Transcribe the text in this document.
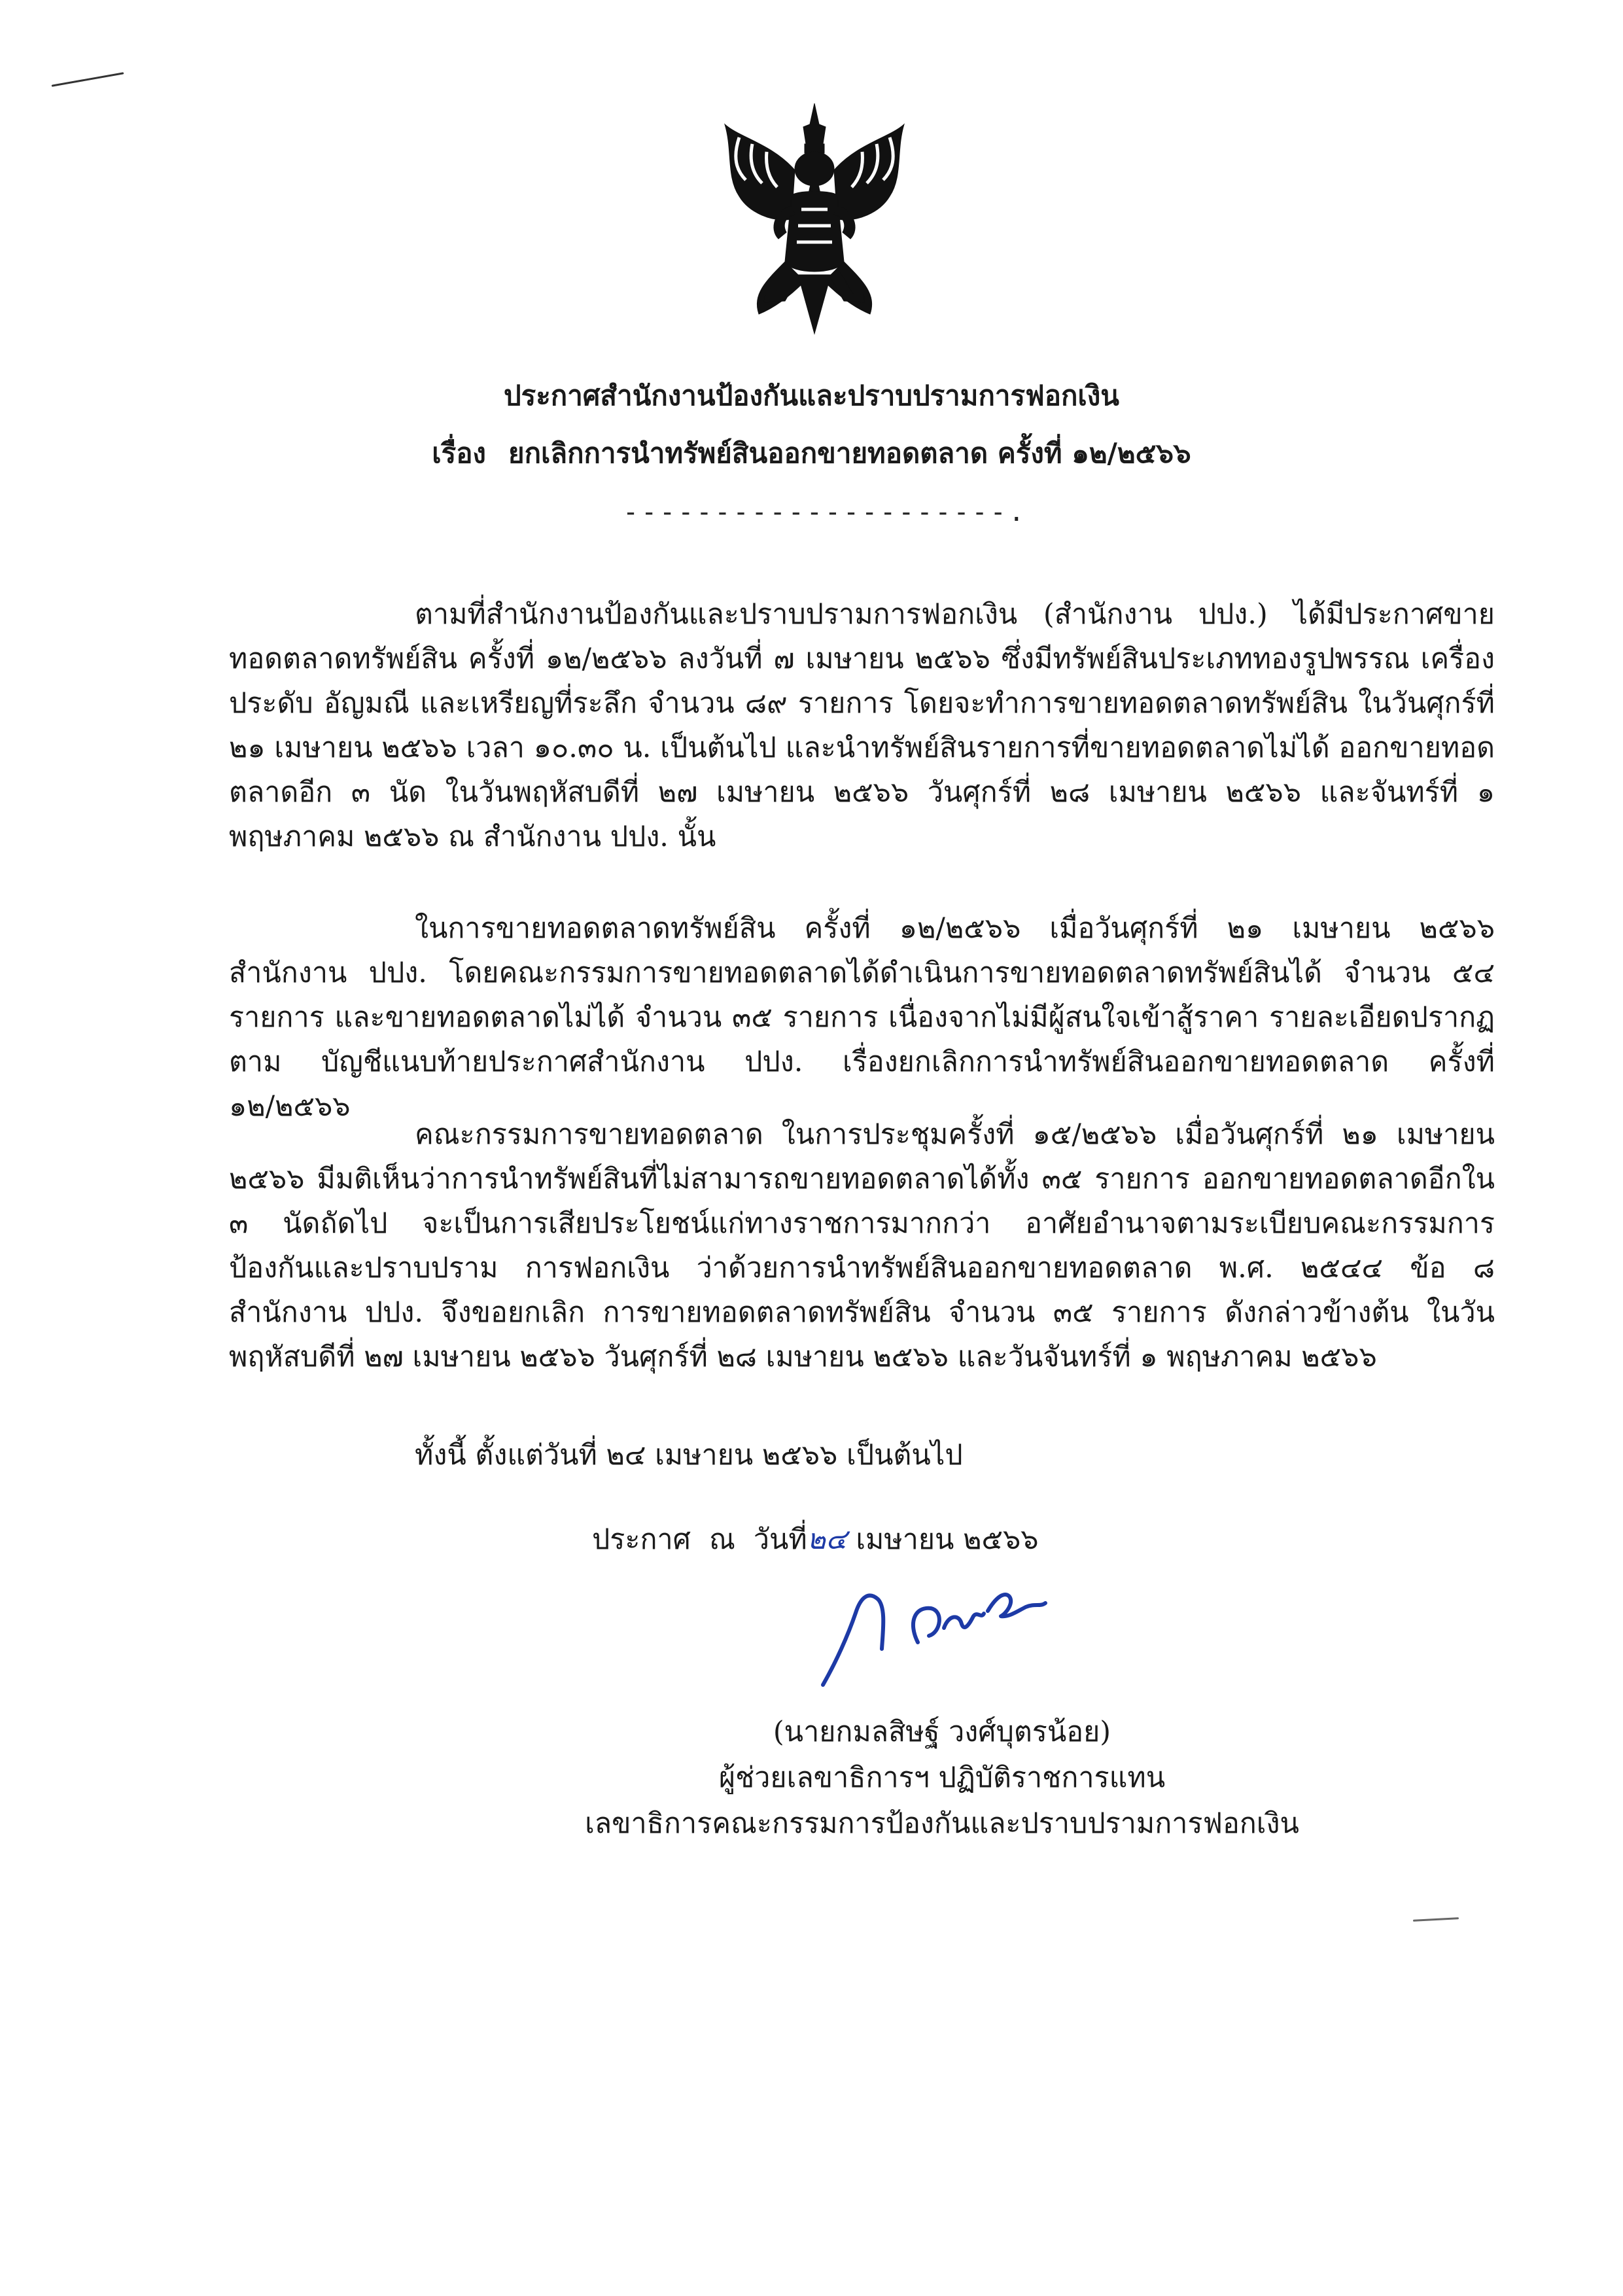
ประกาศสำนักงานป้องกันและปราบปรามการฟอกเงิน
เรื่อง ยกเลิกการนำทรัพย์สินออกขายทอดตลาด ครั้งที่ ๑๒/๒๕๖๖
---------------------.

ตามที่สำนักงานป้องกันและปราบปรามการฟอกเงิน (สำนักงาน ปปง.) ได้มีประกาศขายทอดตลาดทรัพย์สิน ครั้งที่ ๑๒/๒๕๖๖ ลงวันที่ ๗ เมษายน ๒๕๖๖ ซึ่งมีทรัพย์สินประเภททองรูปพรรณ เครื่องประดับ อัญมณี และเหรียญที่ระลึก จำนวน ๘๙ รายการ โดยจะทำการขายทอดตลาดทรัพย์สิน ในวันศุกร์ที่ ๒๑ เมษายน ๒๕๖๖ เวลา ๑๐.๓๐ น. เป็นต้นไป และนำทรัพย์สินรายการที่ขายทอดตลาดไม่ได้ ออกขายทอดตลาดอีก ๓ นัด ในวันพฤหัสบดีที่ ๒๗ เมษายน ๒๕๖๖ วันศุกร์ที่ ๒๘ เมษายน ๒๕๖๖ และจันทร์ที่ ๑ พฤษภาคม ๒๕๖๖ ณ สำนักงาน ปปง. นั้น

ในการขายทอดตลาดทรัพย์สิน ครั้งที่ ๑๒/๒๕๖๖ เมื่อวันศุกร์ที่ ๒๑ เมษายน ๒๕๖๖ สำนักงาน ปปง. โดยคณะกรรมการขายทอดตลาดได้ดำเนินการขายทอดตลาดทรัพย์สินได้ จำนวน ๕๔ รายการ และขายทอดตลาดไม่ได้ จำนวน ๓๕ รายการ เนื่องจากไม่มีผู้สนใจเข้าสู้ราคา รายละเอียดปรากฏตาม บัญชีแนบท้ายประกาศสำนักงาน ปปง. เรื่องยกเลิกการนำทรัพย์สินออกขายทอดตลาด ครั้งที่ ๑๒/๒๕๖๖

คณะกรรมการขายทอดตลาด ในการประชุมครั้งที่ ๑๕/๒๕๖๖ เมื่อวันศุกร์ที่ ๒๑ เมษายน ๒๕๖๖ มีมติเห็นว่าการนำทรัพย์สินที่ไม่สามารถขายทอดตลาดได้ทั้ง ๓๕ รายการ ออกขายทอดตลาดอีกใน ๓ นัดถัดไป จะเป็นการเสียประโยชน์แก่ทางราชการมากกว่า อาศัยอำนาจตามระเบียบคณะกรรมการป้องกันและปราบปราม การฟอกเงิน ว่าด้วยการนำทรัพย์สินออกขายทอดตลาด พ.ศ. ๒๕๔๔ ข้อ ๘ สำนักงาน ปปง. จึงขอยกเลิก การขายทอดตลาดทรัพย์สิน จำนวน ๓๕ รายการ ดังกล่าวข้างต้น ในวันพฤหัสบดีที่ ๒๗ เมษายน ๒๕๖๖ วันศุกร์ที่ ๒๘ เมษายน ๒๕๖๖ และวันจันทร์ที่ ๑ พฤษภาคม ๒๕๖๖

ทั้งนี้ ตั้งแต่วันที่ ๒๔ เมษายน ๒๕๖๖ เป็นต้นไป

ประกาศ ณ วันที่๒๔ เมษายน ๒๕๖๖
(นายกมลสิษฐ์ วงศ์บุตรน้อย)
ผู้ช่วยเลขาธิการฯ ปฏิบัติราชการแทน
เลขาธิการคณะกรรมการป้องกันและปราบปรามการฟอกเงิน
